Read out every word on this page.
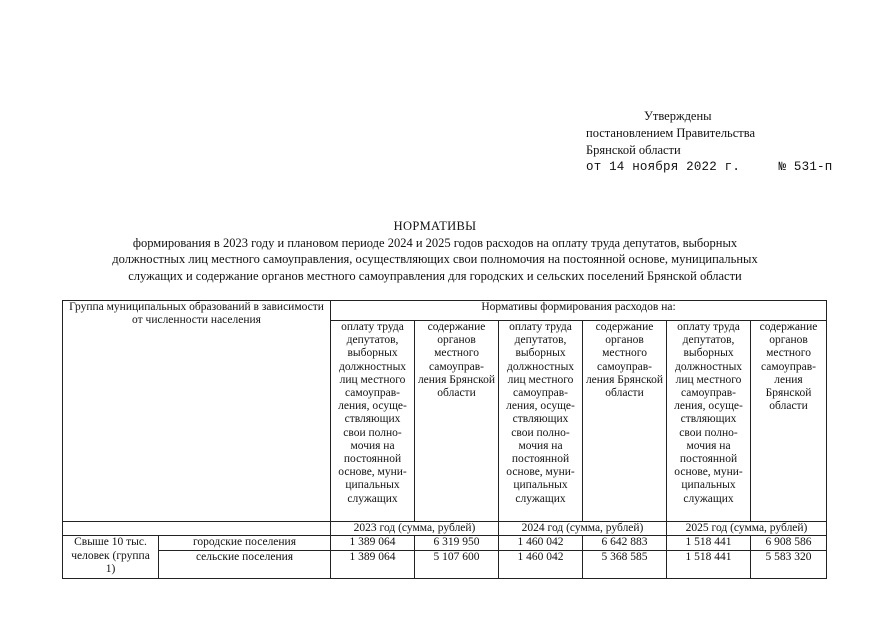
Утверждены
постановлением Правительства
Брянской области
от 14 ноября 2022 г.     № 531-п
НОРМАТИВЫ
формирования в 2023 году и плановом периоде 2024 и 2025 годов расходов на оплату труда депутатов, выборных
должностных лиц местного самоуправления, осуществляющих свои полномочия на постоянной основе, муниципальных
служащих и содержание органов местного самоуправления для городских и сельских поселений Брянской области
Группа муниципальных образований в зависимости от численности населения		Нормативы формирования расходов на:					
		оплату труда депутатов, выборных должностных лиц местного самоуправ-ления, осуще-ствляющих свои полно-мочия на постоянной основе, муни-ципальных служащих	содержание органов местного самоуправ-ления Брянской области	оплату труда депутатов, выборных должностных лиц местного самоуправ-ления, осуще-ствляющих свои полно-мочия на постоянной основе, муни-ципальных служащих	содержание органов местного самоуправ-ления Брянской области	оплату труда депутатов, выборных должностных лиц местного самоуправ-ления, осуще-ствляющих свои полно-мочия на постоянной основе, муни-ципальных служащих	содержание органов местного самоуправ-ления Брянской области
		2023 год (сумма, рублей)		2024 год (сумма, рублей)		2025 год (сумма, рублей)	
Свыше 10 тыс. человек (группа 1)	городские поселения	1 389 064	6 319 950	1 460 042	6 642 883	1 518 441	6 908 586
	сельские поселения	1 389 064	5 107 600	1 460 042	5 368 585	1 518 441	5 583 320
